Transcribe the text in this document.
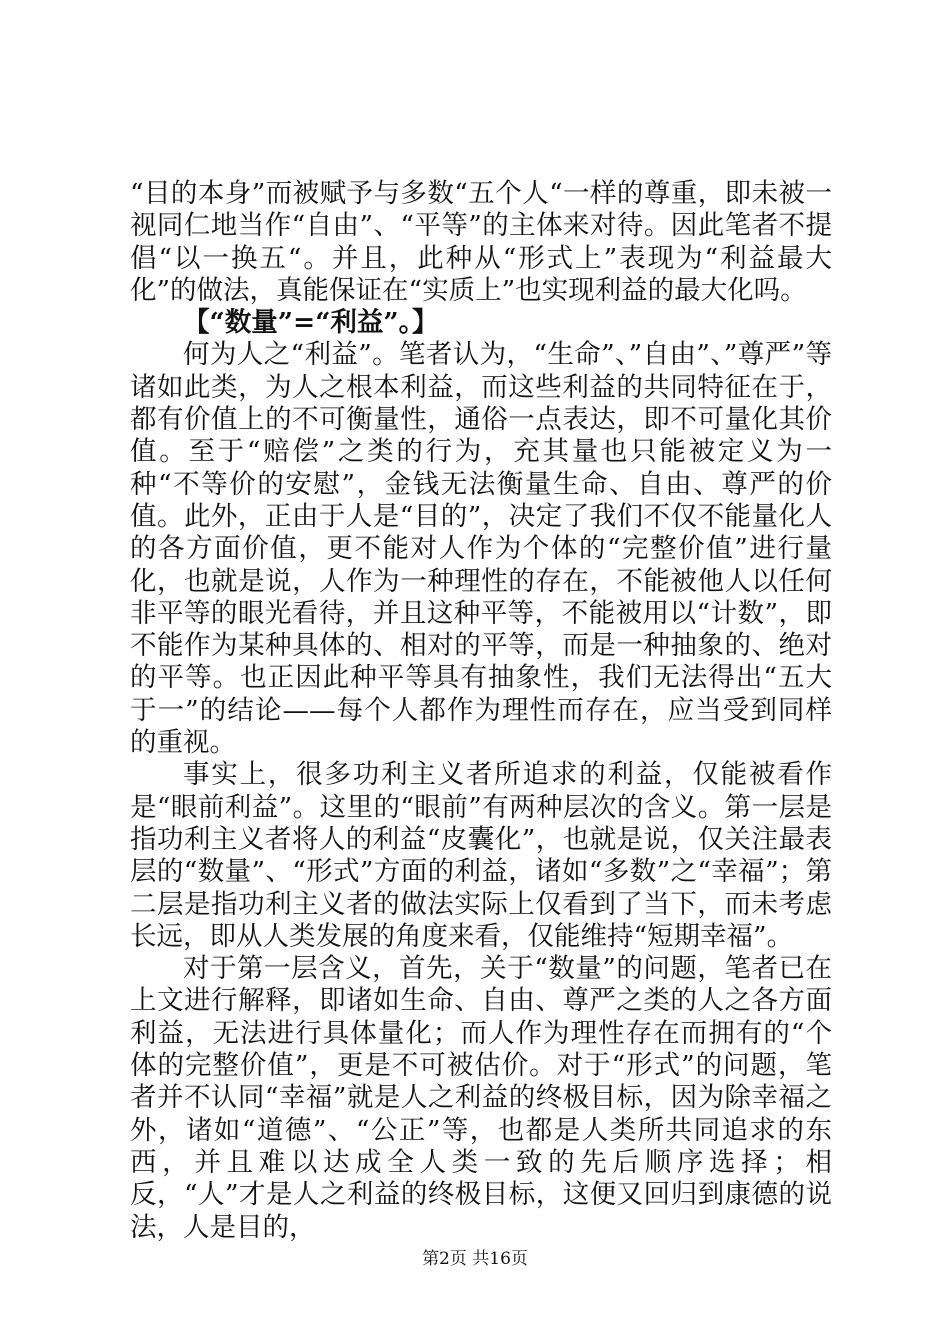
“目的本身”而被赋予与多数“五个人“一样的尊重，即未被一视同仁地当作“自由”、“平等”的主体来对待。因此笔者不提倡“以一换五“。并且，此种从“形式上”表现为“利益最大化”的做法，真能保证在“实质上”也实现利益的最大化吗。

【“数量”=“利益”。】

何为人之“利益”。笔者认为，“生命”、”自由”、”尊严”等诸如此类，为人之根本利益，而这些利益的共同特征在于，都有价值上的不可衡量性，通俗一点表达，即不可量化其价值。至于“赔偿”之类的行为，充其量也只能被定义为一种“不等价的安慰”，金钱无法衡量生命、自由、尊严的价值。此外，正由于人是“目的”，决定了我们不仅不能量化人的各方面价值，更不能对人作为个体的“完整价值”进行量化，也就是说，人作为一种理性的存在，不能被他人以任何非平等的眼光看待，并且这种平等，不能被用以“计数”，即不能作为某种具体的、相对的平等，而是一种抽象的、绝对的平等。也正因此种平等具有抽象性，我们无法得出“五大于一”的结论——每个人都作为理性而存在，应当受到同样的重视。

事实上，很多功利主义者所追求的利益，仅能被看作是“眼前利益”。这里的“眼前”有两种层次的含义。第一层是指功利主义者将人的利益“皮囊化”，也就是说，仅关注最表层的“数量”、“形式”方面的利益，诸如“多数”之“幸福”；第二层是指功利主义者的做法实际上仅看到了当下，而未考虑长远，即从人类发展的角度来看，仅能维持“短期幸福”。

对于第一层含义，首先，关于“数量”的问题，笔者已在上文进行解释，即诸如生命、自由、尊严之类的人之各方面利益，无法进行具体量化；而人作为理性存在而拥有的“个体的完整价值”，更是不可被估价。对于“形式”的问题，笔者并不认同“幸福”就是人之利益的终极目标，因为除幸福之外，诸如“道德”、“公正”等，也都是人类所共同追求的东西，并且难以达成全人类一致的先后顺序选择；相反，“人”才是人之利益的终极目标，这便又回归到康德的说法，人是目的，

第2页 共16页
